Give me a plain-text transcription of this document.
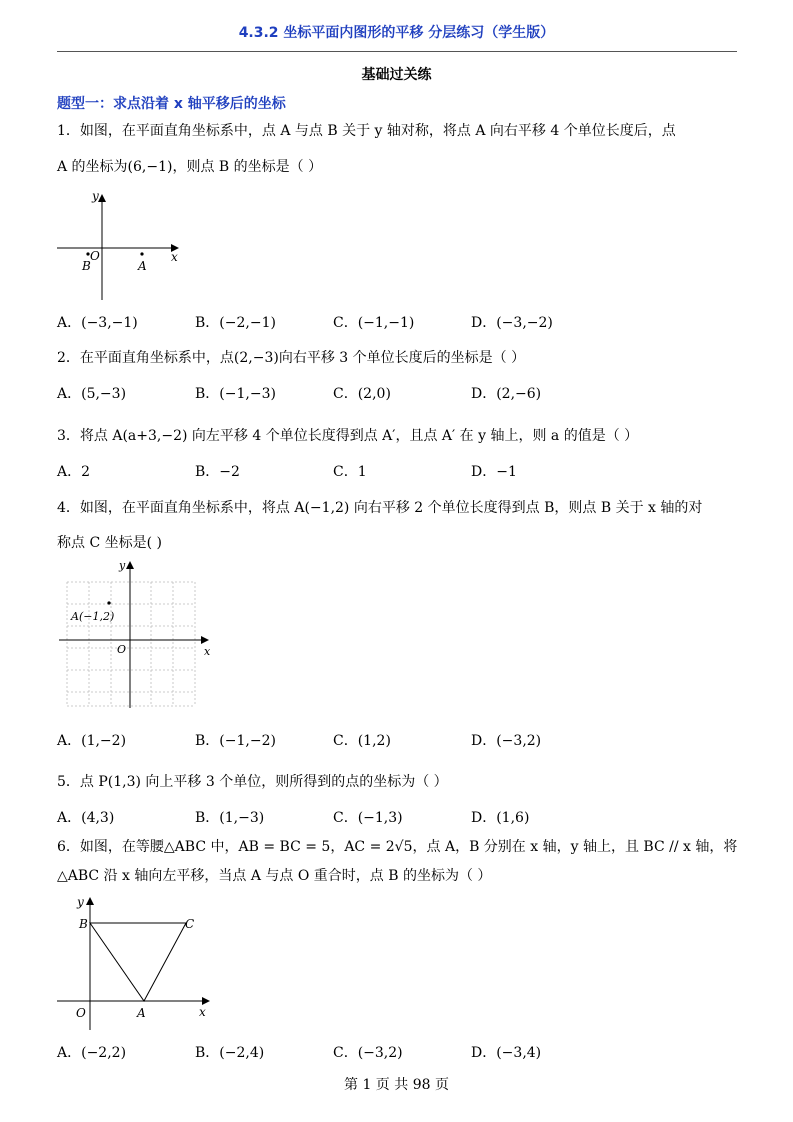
4.3.2 坐标平面内图形的平移 分层练习（学生版）
基础过关练
题型一：求点沿着 x 轴平移后的坐标
1．如图，在平面直角坐标系中，点 A 与点 B 关于 y 轴对称，将点 A 向右平移 4 个单位长度后，点
A 的坐标为(6,−1)，则点 B 的坐标是（ ）
y
x
O
B	A
A．(−3,−1)	B．(−2,−1)	C．(−1,−1)	D．(−3,−2)
2．在平面直角坐标系中，点(2,−3)向右平移 3 个单位长度后的坐标是（ ）
A．(5,−3)	B．(−1,−3)	C．(2,0)	D．(2,−6)
3．将点 A(a+3,−2) 向左平移 4 个单位长度得到点 A′，且点 A′ 在 y 轴上，则 a 的值是（ ）
A．2	B．−2	C．1	D．−1
4．如图，在平面直角坐标系中，将点 A(−1,2) 向右平移 2 个单位长度得到点 B，则点 B 关于 x 轴的对
称点 C 坐标是( )
y
x
O
A(−1,2)
A．(1,−2)	B．(−1,−2)	C．(1,2)	D．(−3,2)
5．点 P(1,3) 向上平移 3 个单位，则所得到的点的坐标为（ ）
A．(4,3)	B．(1,−3)	C．(−1,3)	D．(1,6)
6．如图，在等腰△ABC 中，AB = BC = 5，AC = 2√5，点 A，B 分别在 x 轴，y 轴上，且 BC // x 轴，将
△ABC 沿 x 轴向左平移，当点 A 与点 O 重合时，点 B 的坐标为（ ）
y
x
O
B	C
A
A．(−2,2)	B．(−2,4)	C．(−3,2)	D．(−3,4)
第 1 页 共 98 页
